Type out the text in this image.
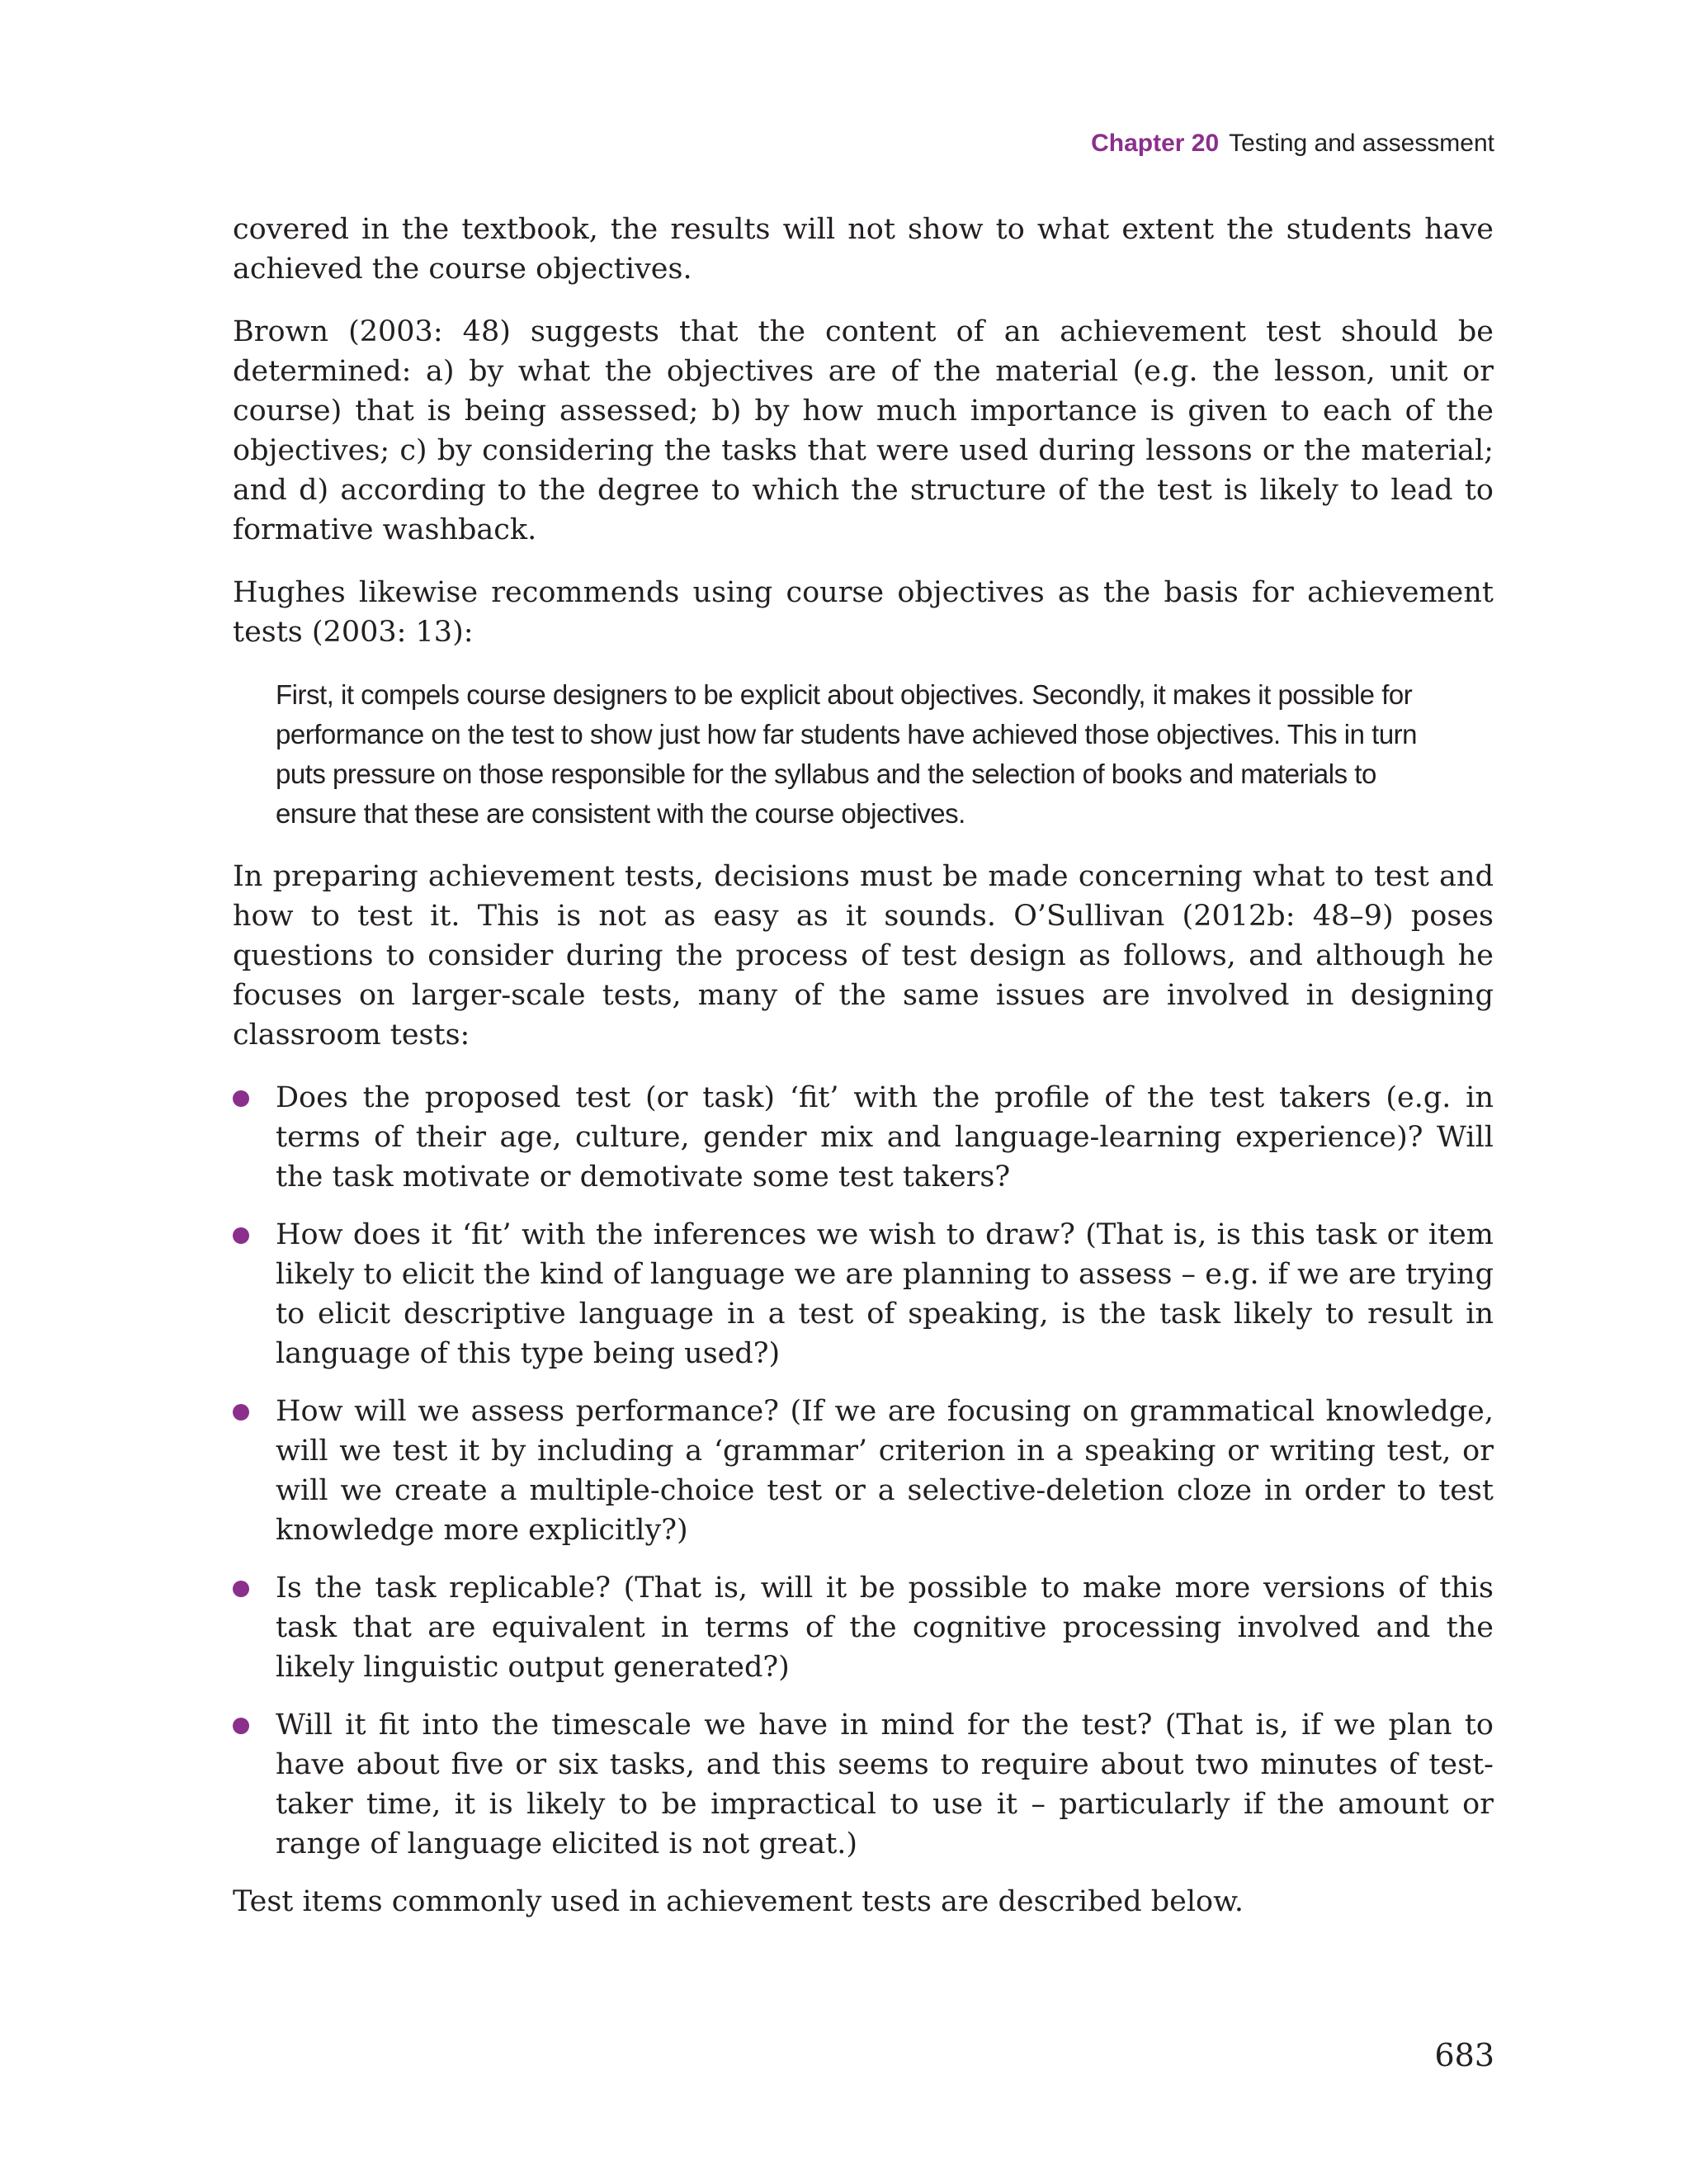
Chapter 20 Testing and assessment

covered in the textbook, the results will not show to what extent the students have achieved the course objectives.

Brown (2003: 48) suggests that the content of an achievement test should be determined: a) by what the objectives are of the material (e.g. the lesson, unit or course) that is being assessed; b) by how much importance is given to each of the objectives; c) by considering the tasks that were used during lessons or the material; and d) according to the degree to which the structure of the test is likely to lead to formative washback.

Hughes likewise recommends using course objectives as the basis for achievement tests (2003: 13):

First, it compels course designers to be explicit about objectives. Secondly, it makes it possible for performance on the test to show just how far students have achieved those objectives. This in turn puts pressure on those responsible for the syllabus and the selection of books and materials to ensure that these are consistent with the course objectives.

In preparing achievement tests, decisions must be made concerning what to test and how to test it. This is not as easy as it sounds. O’Sullivan (2012b: 48–9) poses questions to consider during the process of test design as follows, and although he focuses on larger-scale tests, many of the same issues are involved in designing classroom tests:

Does the proposed test (or task) ‘fit’ with the profile of the test takers (e.g. in terms of their age, culture, gender mix and language-learning experience)? Will the task motivate or demotivate some test takers?
How does it ‘fit’ with the inferences we wish to draw? (That is, is this task or item likely to elicit the kind of language we are planning to assess – e.g. if we are trying to elicit descriptive language in a test of speaking, is the task likely to result in language of this type being used?)
How will we assess performance? (If we are focusing on grammatical knowledge, will we test it by including a ‘grammar’ criterion in a speaking or writing test, or will we create a multiple-choice test or a selective-deletion cloze in order to test knowledge more explicitly?)
Is the task replicable? (That is, will it be possible to make more versions of this task that are equivalent in terms of the cognitive processing involved and the likely linguistic output generated?)
Will it fit into the timescale we have in mind for the test? (That is, if we plan to have about five or six tasks, and this seems to require about two minutes of test-taker time, it is likely to be impractical to use it – particularly if the amount or range of language elicited is not great.)

Test items commonly used in achievement tests are described below.

683
